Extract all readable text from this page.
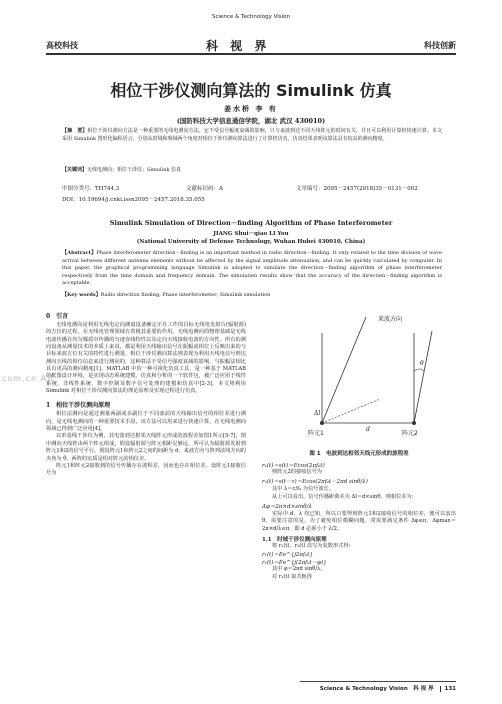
Science & Technology Vision
高校科技	科 视 界	科技创新
相位干涉仪测向算法的 Simulink 仿真
姜水桥 李 有
(国防科技大学信息通信学院，湖北 武汉 430010)
【摘　要】相位干涉仪测向方法是一种重要的无线电测向方法，它不受信号幅度衰减的影响，只与来波到达不同天线阵元的时间有关，并且可以利用计算机快速计算。本文采用 Simulink 图形化编程语言，分别从时域和频域两个角度对相位干涉仪测向算法进行了计算机仿真，仿真结果表明该算法具有较高的测向精度。
【关键词】无线电测向；相位干涉仪；Simulink 仿真
中图分类号：TH744.3	文献标识码：A	文章编号：2095－2457(2018)35－0131－002
DOI：10.19694/j.cnki.issn2095－2457.2018.35.055
Simulink Simulation of Direction－finding Algorithm of Phase Interferometer
JIANG Shui－qiao LI You
(National University of Defense Technology, Wuhan Hubei 430010, China)
【Abstract】Phase interferometer direction－finding is an important method in radio direction－finding. It only related to the time division of wave arrival between different antenna elements without be affected by the signal amplitude attenuation, and can be quickly calculated by computer. In this paper, the graphical programming language Simulink is adopted to simulate the direction－finding algorithm of phase interferometer respectively from the time domain and frequency domain. The simulation results show that the accuracy of the direction－finding algorithm is acceptable.
【Key words】Radio direction finding; Phase interferometer; Simulink simulation
com.cn All
0　引言
无线电测向是利用无线电定向测量设备确定正在工作的目标无线电发射台(辐射源)的方位的过程。在无线电管理领域有着极其重要的作用。无线电测向的物理基础是无线电波传播在均匀媒质中传播的匀速直线特性以及定向天线接收电波的方向性。所有的测向设备从测量技术的本质上来说，都是利用天线输出信号在振幅或相位上反映出来的与目标来波方位有关的特性进行测量。相位干涉仪测向算法则表现为利用天线电信号则达测向天线的相位信息来进行测向的，这种算法不受信号强度衰减的影响，与振幅法相比具有更高的测向精度[1]。MATLAB 中的一种可视化仿真工具，是一种基于 MATLAB 的框图设计环境，是实现动态系统建模、仿真和分析的一个软件包，被广泛应用于线性系统、非线性系统、数字控制及数字信号处理的建模和仿真中[2-3]。本文将利用 Simulink 对相位干涉仪测向算法的理论原理及实现过程进行仿真。
1　相位干涉仪测向原理
相位法测向是通过测量两副或多副位于不同波前的天线输出信号的相位差进行测向，是无线电测向的一种重要技术手段，该方法可以用来进行快速计算，在无线电测向领域已得到广泛应用[4]。
以单基线干涉仪为例，其电波到达相邻天线阵元形成的波程差如图1所示[5-7]，图中测向天线阵由两个阵元组成，假设辐射源与阵元相距足够远，所可认为辐射源发射到阵元1和2的信号平行。假设阵元1和阵元2之间的间距为 d，来波方向与阵列法线方向的夹角为 θ，两阵的实质是相对阵元的相位差。
阵元1和阵元2接收到的信号传播存在波程差，因而也存在相位差。设阵元1接收信号为
来波方向
θ
Δl
d
阵元1	阵元2
图 1　电波到达相邻天线元形成的波程差
r₁(t)＝s(t)＝Ecos(2πf₀t)
则阵元2的接收信号为
r₂(t)＝s(t－τ)＝Ecos(2πf₀t－2πd sinθ/λ)
其中 λ＝c/f₀ 为信号波长。
从上可以看出，信号传播距离差为 Δl＝d×sinθ，则相位差为：
Δφ＝2π×d×sinθ/λ
实际中 d、λ 均已知，所以只要得到阵元1和2接收信号的相位差，便可以求出 θ。需要注意的是，为了避免相位模糊问题，常需要满足条件 Δφ≤π，Δφmax＝2π×d/λ≤π，即 d 必须小于 λ/2。
1.1　时域干涉仪测向原理
将 r₁(t)、r₂(t) 改写为复数形式得：
r₁(t)＝Ee^{j2πf₀t}
r₂(t)＝Ee^{j(2πf₀t－φ)}
其中 φ＝2πd sinθ/λ。
对 r₁(t) 取共轭得
Science & Technology Vision　科 视 界 131
